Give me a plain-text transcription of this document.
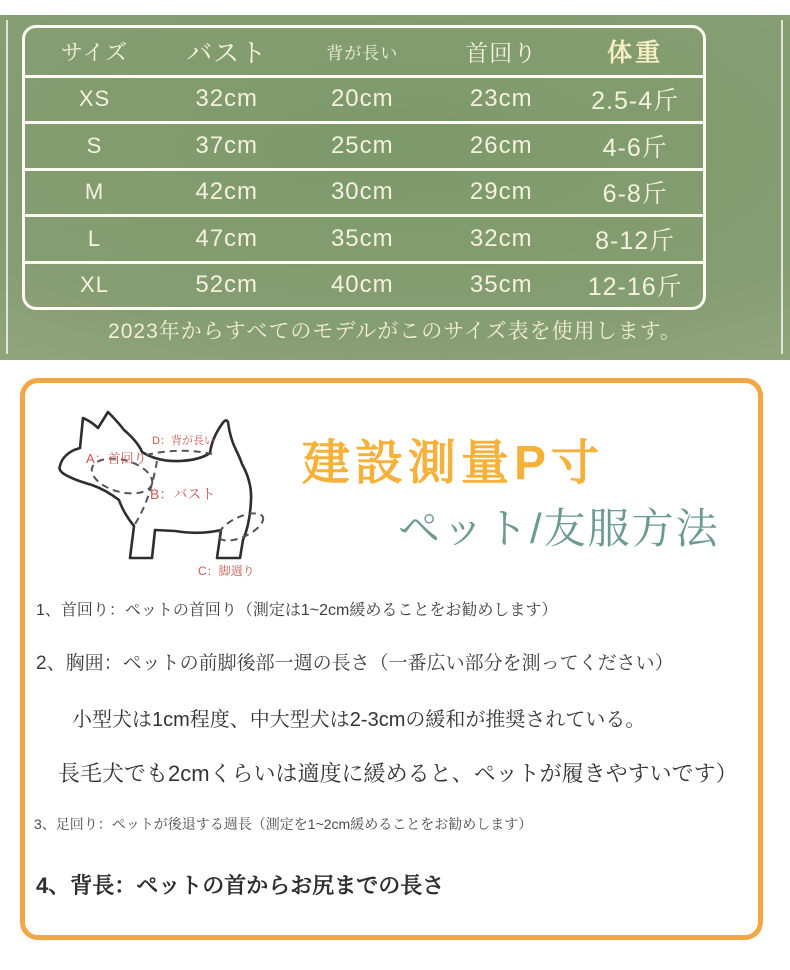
サイズ	バスト	背が長い	首回り	体重
XS	32cm	20cm	23cm	2.5-4斤
S	37cm	25cm	26cm	4-6斤
M	42cm	30cm	29cm	6-8斤
L	47cm	35cm	32cm	8-12斤
XL	52cm	40cm	35cm	12-16斤
2023年からすべてのモデルがこのサイズ表を使用します。
A：首回り
D：背が長い
B：バスト
C：脚週り
建設測量P寸
ペット/友服方法

1、首回り：ペットの首回り（測定は1~2cm緩めることをお勧めします）

2、胸囲：ペットの前脚後部一週の長さ（一番広い部分を測ってください）

小型犬は1cm程度、中大型犬は2-3cmの緩和が推奨されている。

長毛犬でも2cmくらいは適度に緩めると、ペットが履きやすいです）

3、足回り：ペットが後退する週長（測定を1~2cm緩めることをお勧めします）

4、背長：ペットの首からお尻までの長さ
